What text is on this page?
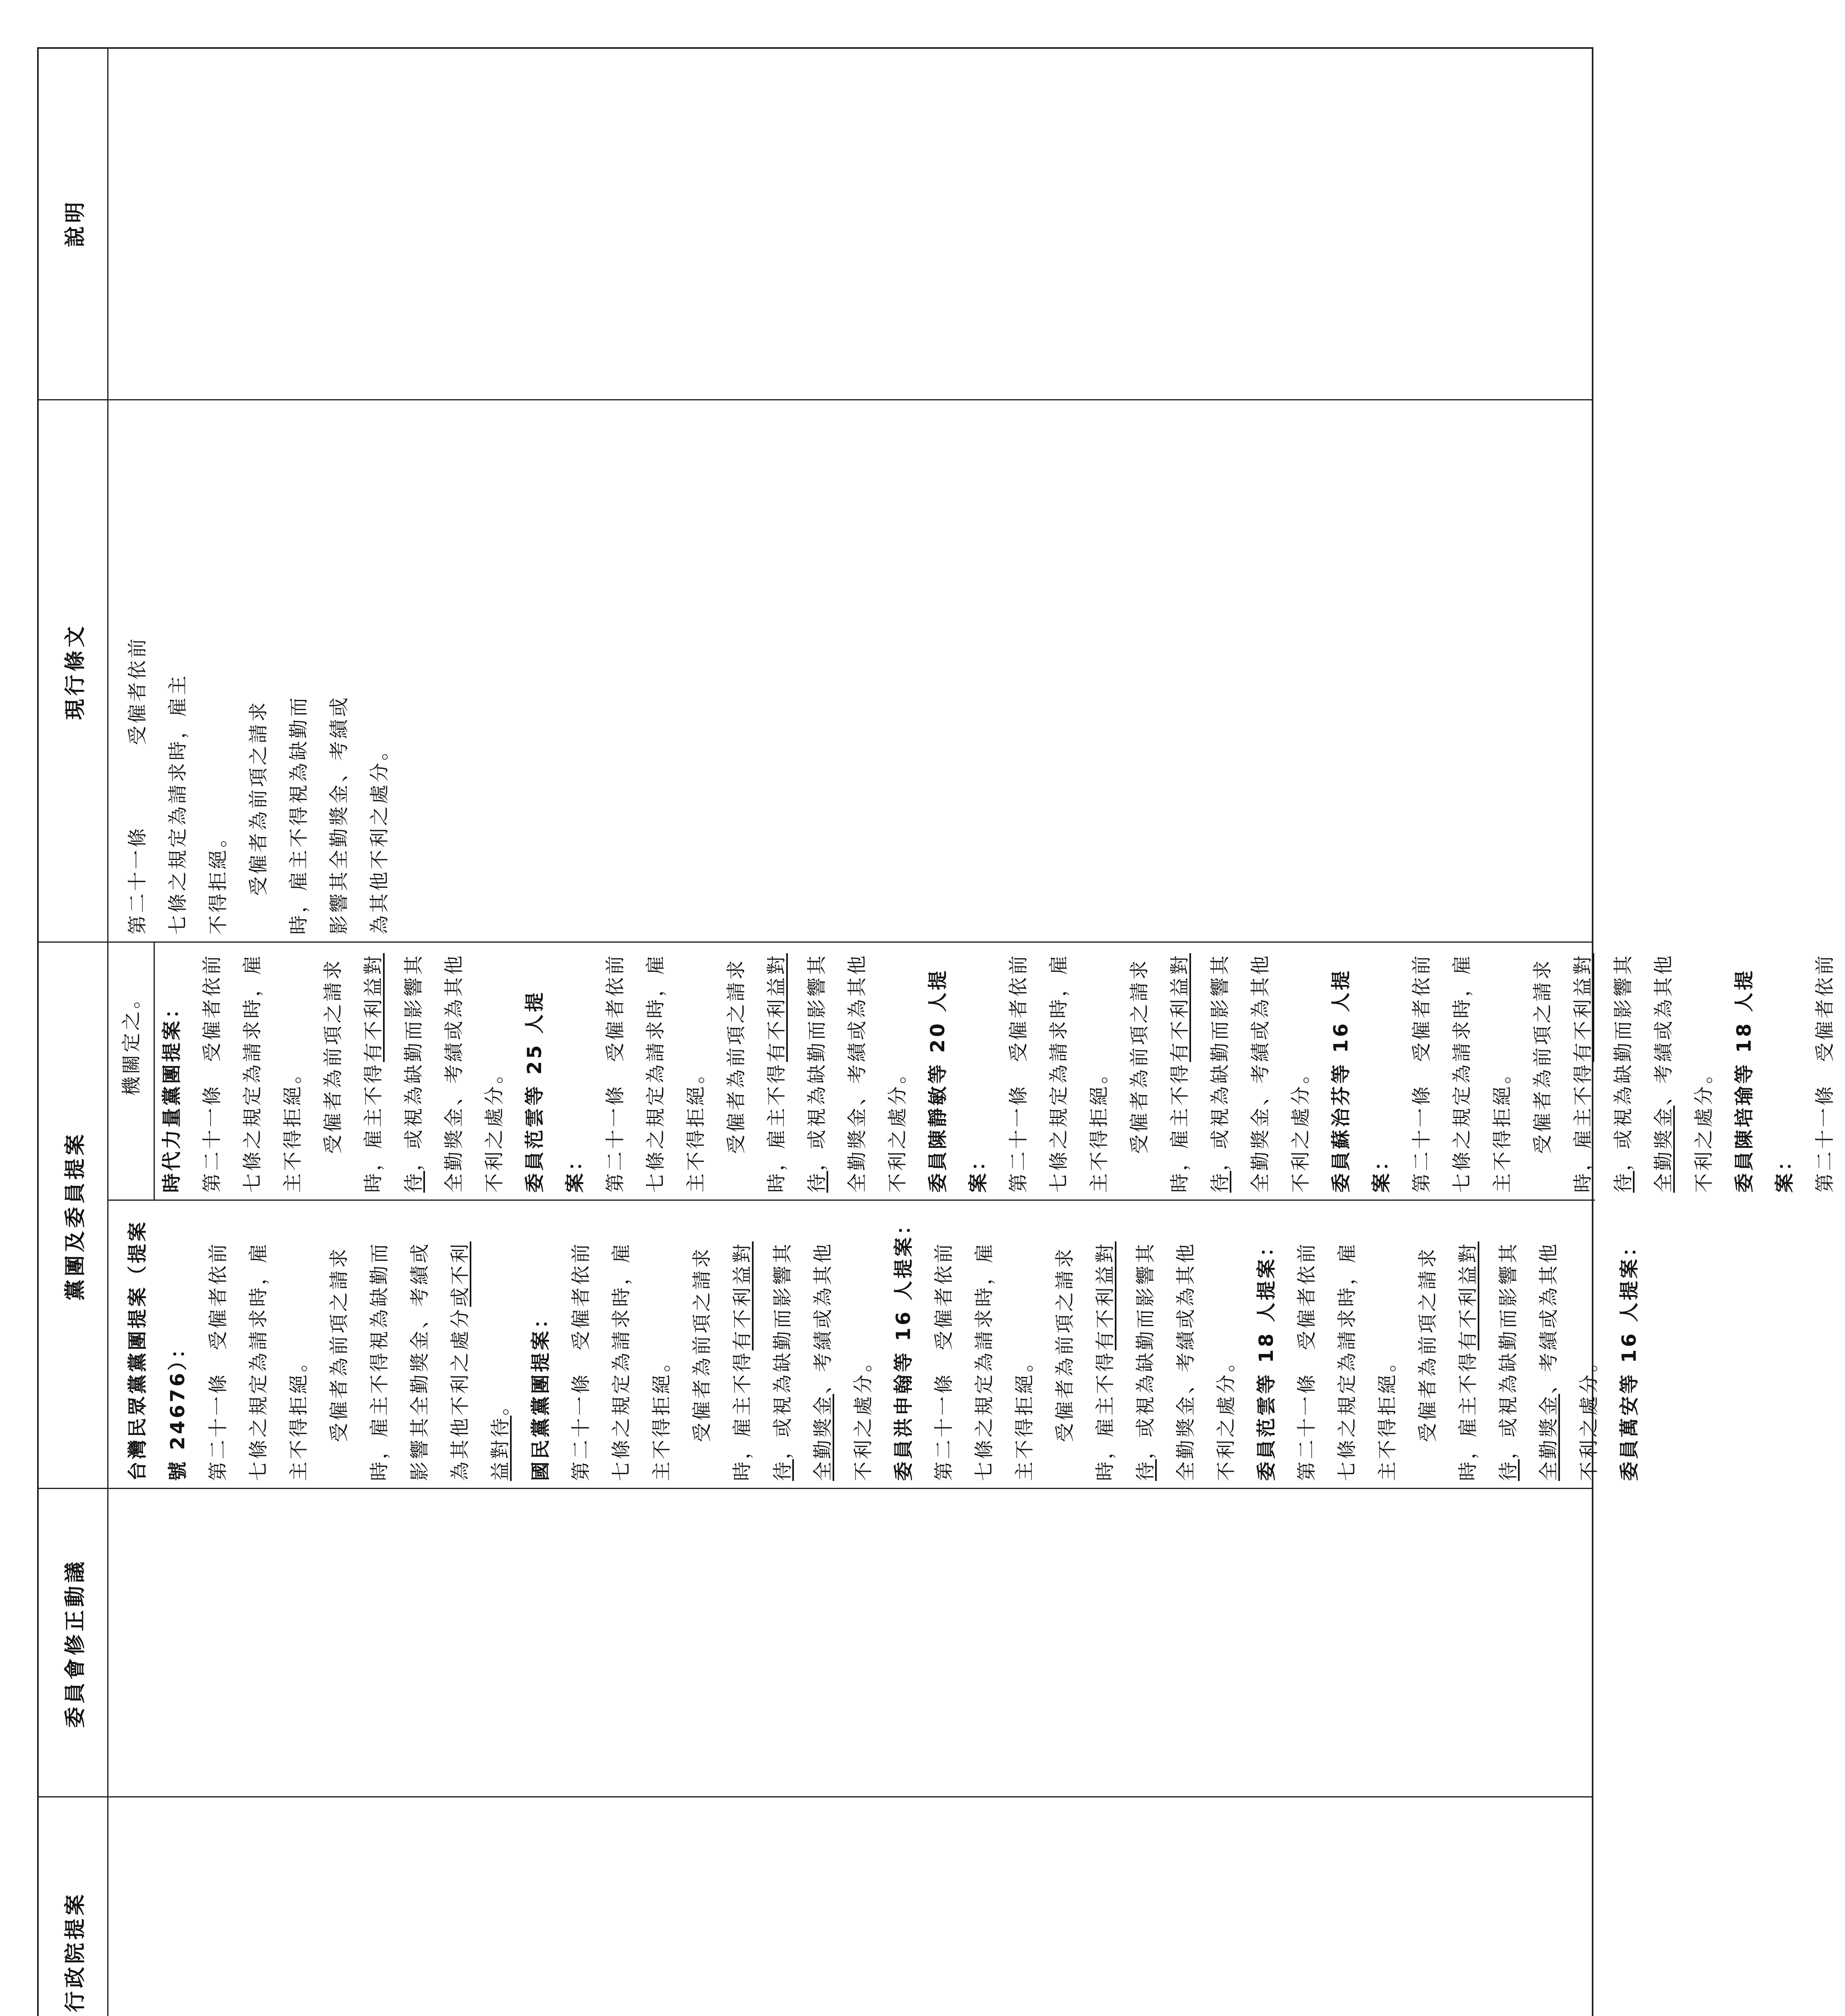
行政院提案
委員會修正動議
黨團及委員提案
現行條文
說明

台灣民眾黨黨團提案（提案 號 24676）： 第二十一條　受僱者依前 七條之規定為請求時，雇 主不得拒絕。 受僱者為前項之請求 時，雇主不得視為缺勤而 影響其全勤獎金、考績或 為其他不利之處分或不利

益對待。 國民黨黨團提案： 第二十一條　受僱者依前 七條之規定為請求時，雇 主不得拒絕。 受僱者為前項之請求 時，雇主不得有不利益對

待，或視為缺勤而影響其 全勤獎金、考績或為其他

不利之處分。 委員洪申翰等 16 人提案： 第二十一條　受僱者依前 七條之規定為請求時，雇 主不得拒絕。 受僱者為前項之請求 時，雇主不得有不利益對

待，或視為缺勤而影響其 全勤獎金、考績或為其他 不利之處分。 委員范雲等 18 人提案： 第二十一條　受僱者依前 七條之規定為請求時，雇 主不得拒絕。 受僱者為前項之請求 時，雇主不得有不利益對

待，或視為缺勤而影響其 全勤獎金、考績或為其他

不利之處分。 委員萬安等 16 人提案：

機關定之。 時代力量黨團提案： 第二十一條　受僱者依前 七條之規定為請求時，雇 主不得拒絕。 受僱者為前項之請求 時，雇主不得有不利益對

待，或視為缺勤而影響其 全勤獎金、考績或為其他 不利之處分。 委員范雲等 25 人提案： 第二十一條　受僱者依前 七條之規定為請求時，雇 主不得拒絕。 受僱者為前項之請求 時，雇主不得有不利益對

待，或視為缺勤而影響其 全勤獎金、考績或為其他 不利之處分。 委員陳靜敏等 20 人提案： 第二十一條　受僱者依前 七條之規定為請求時，雇 主不得拒絕。 受僱者為前項之請求 時，雇主不得有不利益對

待，或視為缺勤而影響其 全勤獎金、考績或為其他 不利之處分。 委員蘇治芬等 16 人提案： 第二十一條　受僱者依前 七條之規定為請求時，雇 主不得拒絕。 受僱者為前項之請求 時，雇主不得有不利益對

待，或視為缺勤而影響其 全勤獎金、考績或為其他

不利之處分。 委員陳培瑜等 18 人提案： 第二十一條　受僱者依前

第二十一條受僱者依前 七條之規定為請求時，雇主 不得拒絕。 受僱者為前項之請求 時，雇主不得視為缺勤而 影響其全勤獎金、考績或 為其他不利之處分。
